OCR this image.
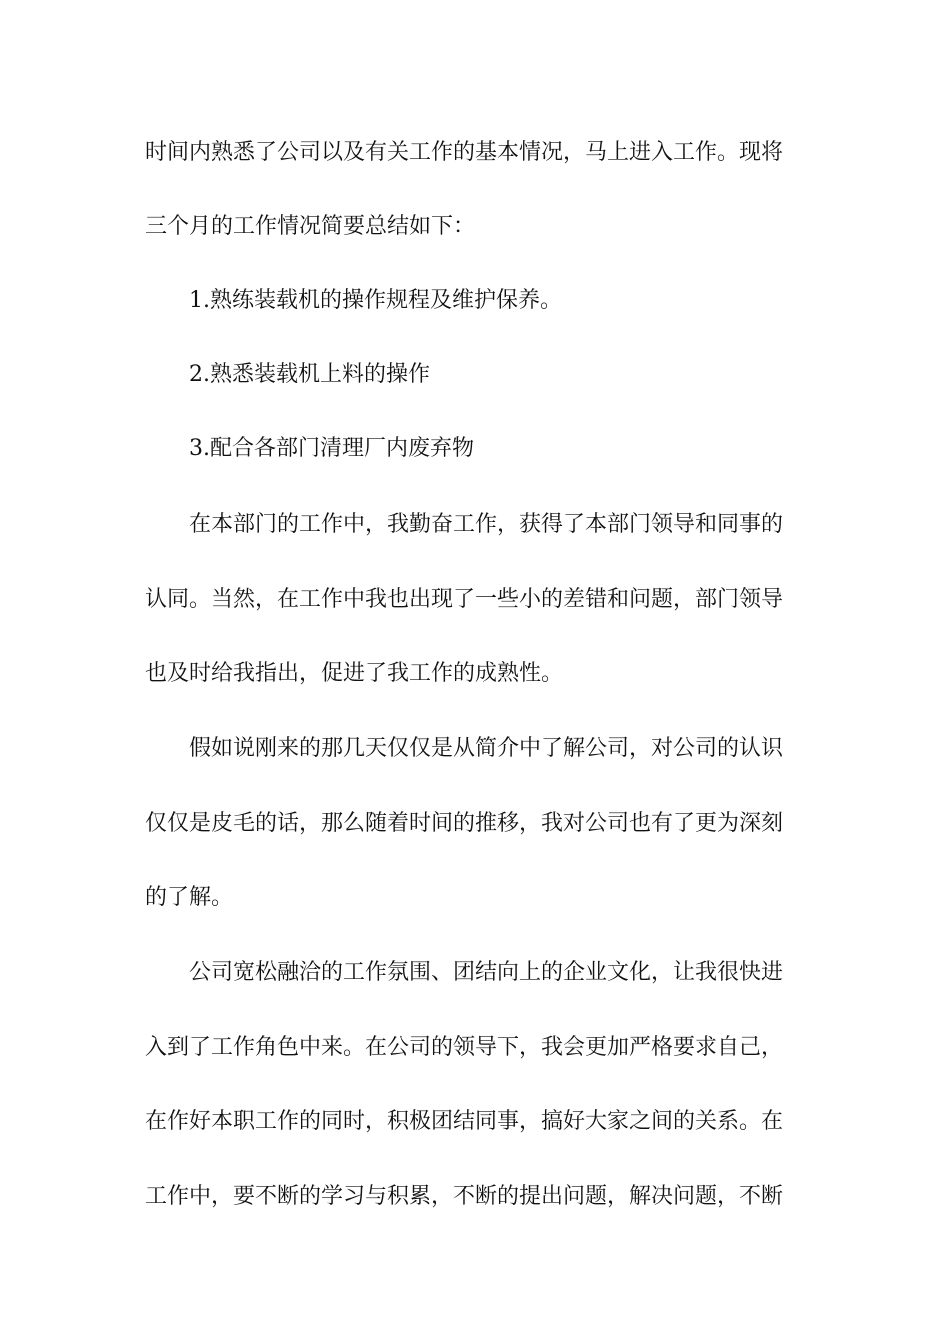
时间内熟悉了公司以及有关工作的基本情况，马上进入工作。现将

三个月的工作情况简要总结如下：

1.熟练装载机的操作规程及维护保养。

2.熟悉装载机上料的操作

3.配合各部门清理厂内废弃物

在本部门的工作中，我勤奋工作，获得了本部门领导和同事的

认同。当然，在工作中我也出现了一些小的差错和问题，部门领导

也及时给我指出，促进了我工作的成熟性。

假如说刚来的那几天仅仅是从简介中了解公司，对公司的认识

仅仅是皮毛的话，那么随着时间的推移，我对公司也有了更为深刻

的了解。

公司宽松融洽的工作氛围、团结向上的企业文化，让我很快进

入到了工作角色中来。在公司的领导下，我会更加严格要求自己，

在作好本职工作的同时，积极团结同事，搞好大家之间的关系。在

工作中，要不断的学习与积累，不断的提出问题，解决问题，不断
